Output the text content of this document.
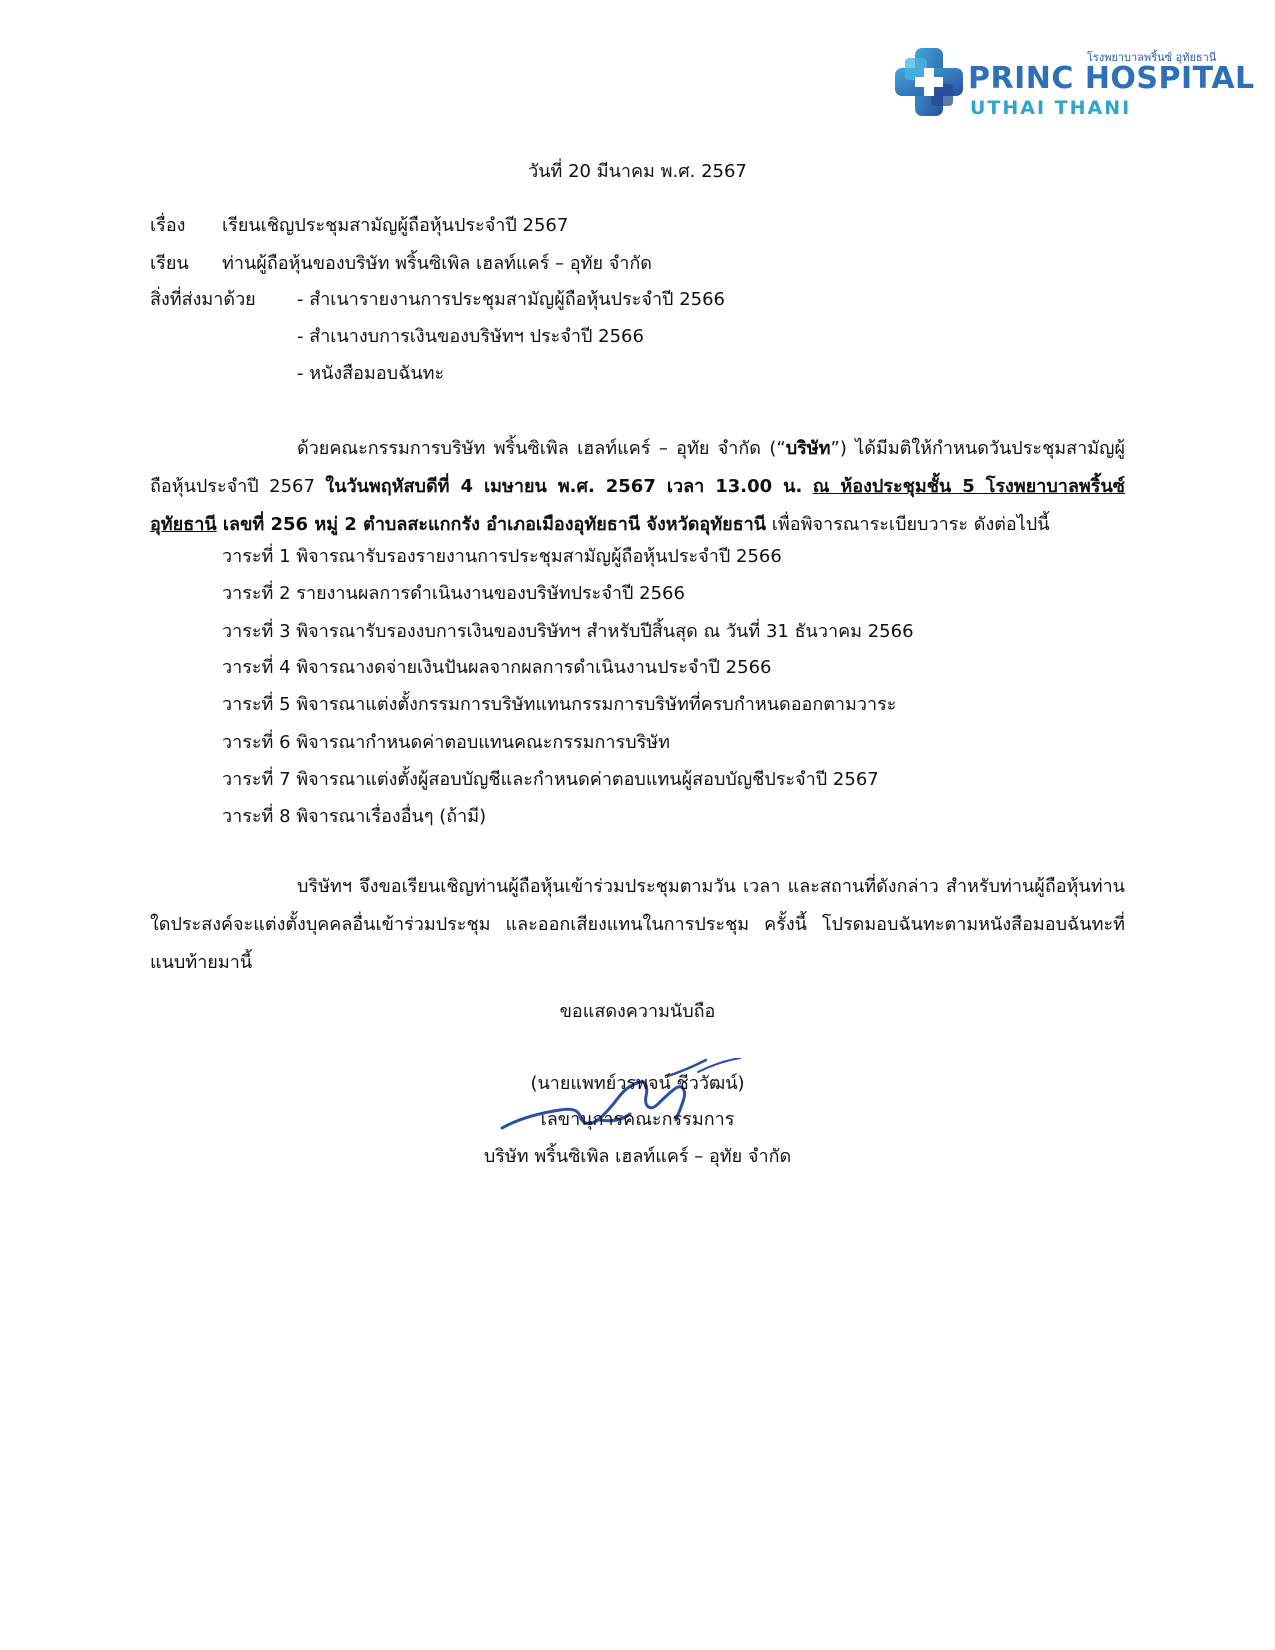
โรงพยาบาลพริ้นซ์ อุทัยธานี
PRINC HOSPITAL
UTHAI THANI
วันที่ 20 มีนาคม พ.ศ. 2567
เรื่อง เรียนเชิญประชุมสามัญผู้ถือหุ้นประจำปี 2567
เรียน ท่านผู้ถือหุ้นของบริษัท พริ้นซิเพิล เฮลท์แคร์ – อุทัย จำกัด
สิ่งที่ส่งมาด้วย - สำเนารายงานการประชุมสามัญผู้ถือหุ้นประจำปี 2566
- สำเนางบการเงินของบริษัทฯ ประจำปี 2566
- หนังสือมอบฉันทะ
ด้วยคณะกรรมการบริษัท พริ้นซิเพิล เฮลท์แคร์ – อุทัย จำกัด (“บริษัท”) ได้มีมติให้กำหนดวันประชุมสามัญผู้ถือหุ้นประจำปี 2567 ในวันพฤหัสบดีที่ 4 เมษายน พ.ศ. 2567 เวลา 13.00 น. ณ ห้องประชุมชั้น 5 โรงพยาบาลพริ้นซ์ อุทัยธานี เลขที่ 256 หมู่ 2 ตำบลสะแกกรัง อำเภอเมืองอุทัยธานี จังหวัดอุทัยธานี เพื่อพิจารณาระเบียบวาระ ดังต่อไปนี้
วาระที่ 1 พิจารณารับรองรายงานการประชุมสามัญผู้ถือหุ้นประจำปี 2566
วาระที่ 2 รายงานผลการดำเนินงานของบริษัทประจำปี 2566
วาระที่ 3 พิจารณารับรองงบการเงินของบริษัทฯ สำหรับปีสิ้นสุด ณ วันที่ 31 ธันวาคม 2566
วาระที่ 4 พิจารณางดจ่ายเงินปันผลจากผลการดำเนินงานประจำปี 2566
วาระที่ 5 พิจารณาแต่งตั้งกรรมการบริษัทแทนกรรมการบริษัทที่ครบกำหนดออกตามวาระ
วาระที่ 6 พิจารณากำหนดค่าตอบแทนคณะกรรมการบริษัท
วาระที่ 7 พิจารณาแต่งตั้งผู้สอบบัญชีและกำหนดค่าตอบแทนผู้สอบบัญชีประจำปี 2567
วาระที่ 8 พิจารณาเรื่องอื่นๆ (ถ้ามี)
บริษัทฯ จึงขอเรียนเชิญท่านผู้ถือหุ้นเข้าร่วมประชุมตามวัน เวลา และสถานที่ดังกล่าว สำหรับท่านผู้ถือหุ้นท่านใดประสงค์จะแต่งตั้งบุคคลอื่นเข้าร่วมประชุม และออกเสียงแทนในการประชุม ครั้งนี้ โปรดมอบฉันทะตามหนังสือมอบฉันทะที่แนบท้ายมานี้
ขอแสดงความนับถือ
(นายแพทย์วรพจน์ ชีววัฒน์)
เลขานุการคณะกรรมการ
บริษัท พริ้นซิเพิล เฮลท์แคร์ – อุทัย จำกัด
